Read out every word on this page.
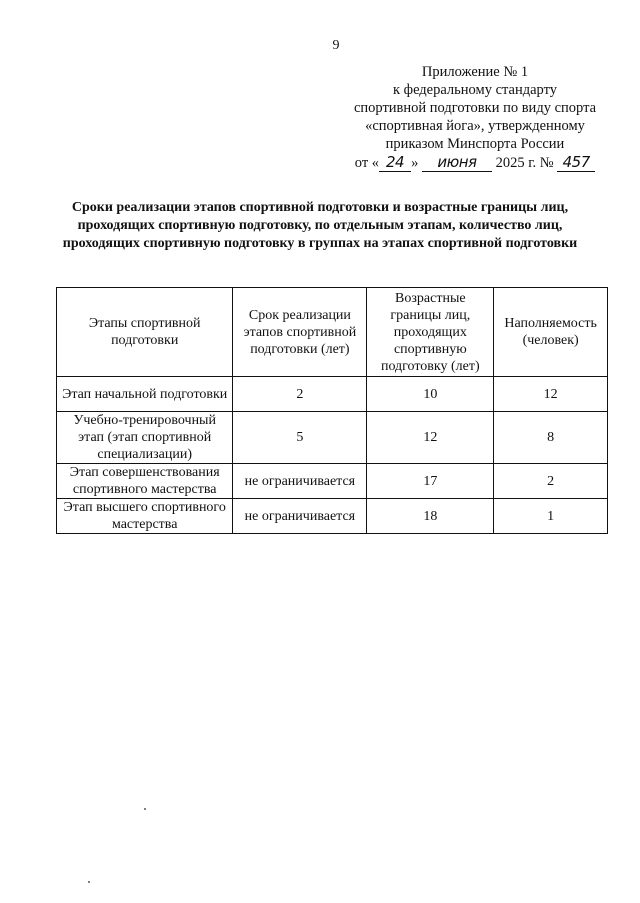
9
Приложение № 1
к федеральному стандарту
спортивной подготовки по виду спорта
«спортивная йога», утвержденному
приказом Минспорта России
от « 24 » июня 2025 г. № 457
Сроки реализации этапов спортивной подготовки и возрастные границы лиц, проходящих спортивную подготовку, по отдельным этапам, количество лиц, проходящих спортивную подготовку в группах на этапах спортивной подготовки
Этапы спортивной подготовки	Срок реализации этапов спортивной подготовки (лет)	Возрастные границы лиц, проходящих спортивную подготовку (лет)	Наполняемость (человек)
Этап начальной подготовки	2	10	12
Учебно-тренировочный этап (этап спортивной специализации)	5	12	8
Этап совершенствования спортивного мастерства	не ограничивается	17	2
Этап высшего спортивного мастерства	не ограничивается	18	1
